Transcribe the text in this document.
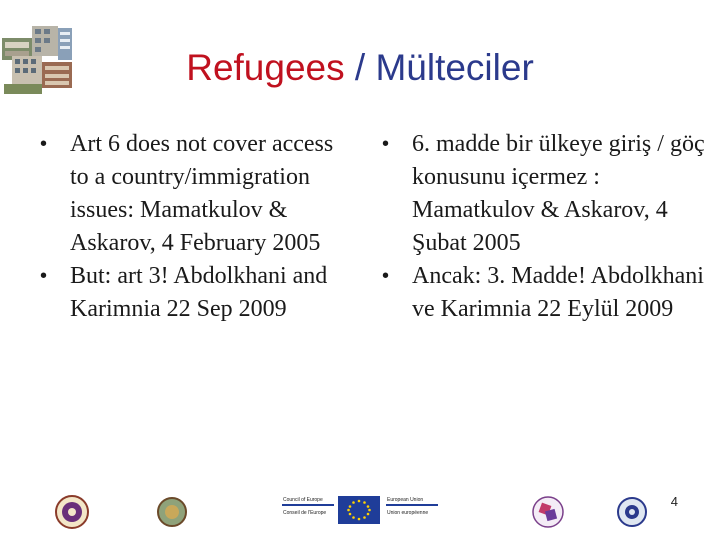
Refugees / Mülteciler
• Art 6 does not cover access to a country/immigration issues: Mamatkulov & Askarov, 4 February 2005
• But: art 3! Abdolkhani and Karimnia 22 Sep 2009
• 6. madde bir ülkeye giriş / göç konusunu içermez : Mamatkulov & Askarov, 4 Şubat 2005
• Ancak: 3. Madde! Abdolkhani ve Karimnia 22 Eylül 2009
Council of Europe
Conseil de l'Europe
European Union
Union européenne
4
